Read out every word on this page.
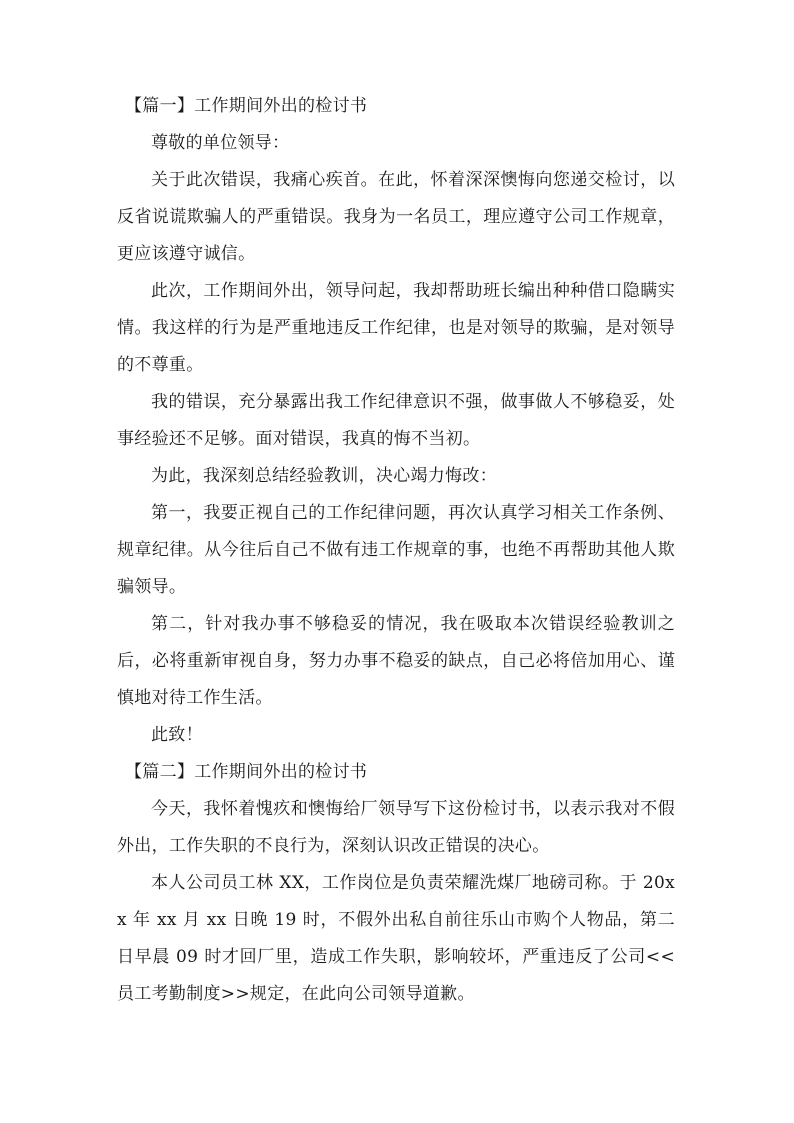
【篇一】工作期间外出的检讨书

尊敬的单位领导：

关于此次错误，我痛心疾首。在此，怀着深深懊悔向您递交检讨，以反省说谎欺骗人的严重错误。我身为一名员工，理应遵守公司工作规章，更应该遵守诚信。

此次，工作期间外出，领导问起，我却帮助班长编出种种借口隐瞒实情。我这样的行为是严重地违反工作纪律，也是对领导的欺骗，是对领导的不尊重。

我的错误，充分暴露出我工作纪律意识不强，做事做人不够稳妥，处事经验还不足够。面对错误，我真的悔不当初。

为此，我深刻总结经验教训，决心竭力悔改：

第一，我要正视自己的工作纪律问题，再次认真学习相关工作条例、规章纪律。从今往后自己不做有违工作规章的事，也绝不再帮助其他人欺骗领导。

第二，针对我办事不够稳妥的情况，我在吸取本次错误经验教训之后，必将重新审视自身，努力办事不稳妥的缺点，自己必将倍加用心、谨慎地对待工作生活。

此致！

【篇二】工作期间外出的检讨书

今天，我怀着愧疚和懊悔给厂领导写下这份检讨书，以表示我对不假外出，工作失职的不良行为，深刻认识改正错误的决心。

本人公司员工林 XX，工作岗位是负责荣耀洗煤厂地磅司称。于 20xx 年 xx 月 xx 日晚 19 时，不假外出私自前往乐山市购个人物品，第二日早晨 09 时才回厂里，造成工作失职，影响较坏，严重违反了公司<<员工考勤制度>>规定，在此向公司领导道歉。
